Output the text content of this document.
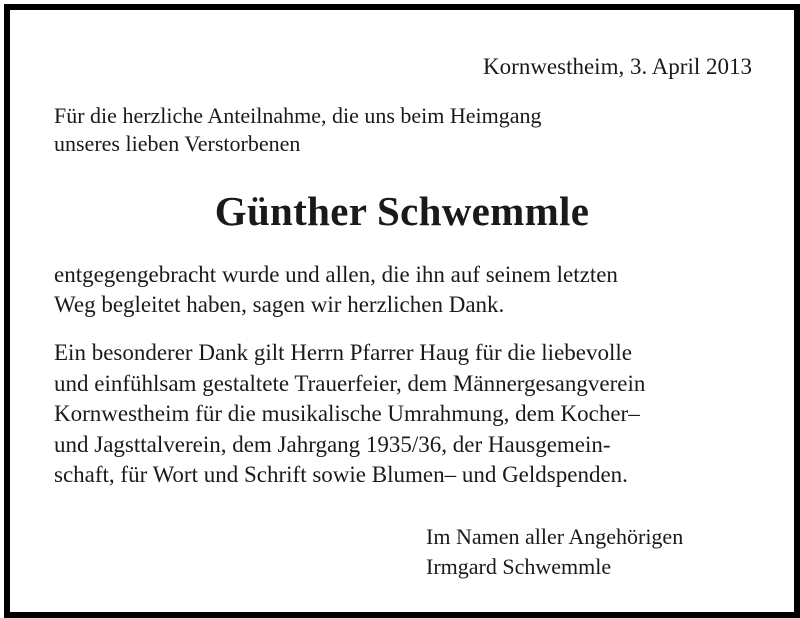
Kornwestheim, 3. April 2013

Für die herzliche Anteilnahme, die uns beim Heimgang
unseres lieben Verstorbenen
Günther Schwemmle
entgegengebracht wurde und allen, die ihn auf seinem letzten
Weg begleitet haben, sagen wir herzlichen Dank.
Ein besonderer Dank gilt Herrn Pfarrer Haug für die liebevolle
und einfühlsam gestaltete Trauerfeier, dem Männergesangverein
Kornwestheim für die musikalische Umrahmung, dem Kocher–
und Jagsttalverein, dem Jahrgang 1935/36, der Hausgemein-
schaft, für Wort und Schrift sowie Blumen– und Geldspenden.
Im Namen aller Angehörigen
Irmgard Schwemmle
